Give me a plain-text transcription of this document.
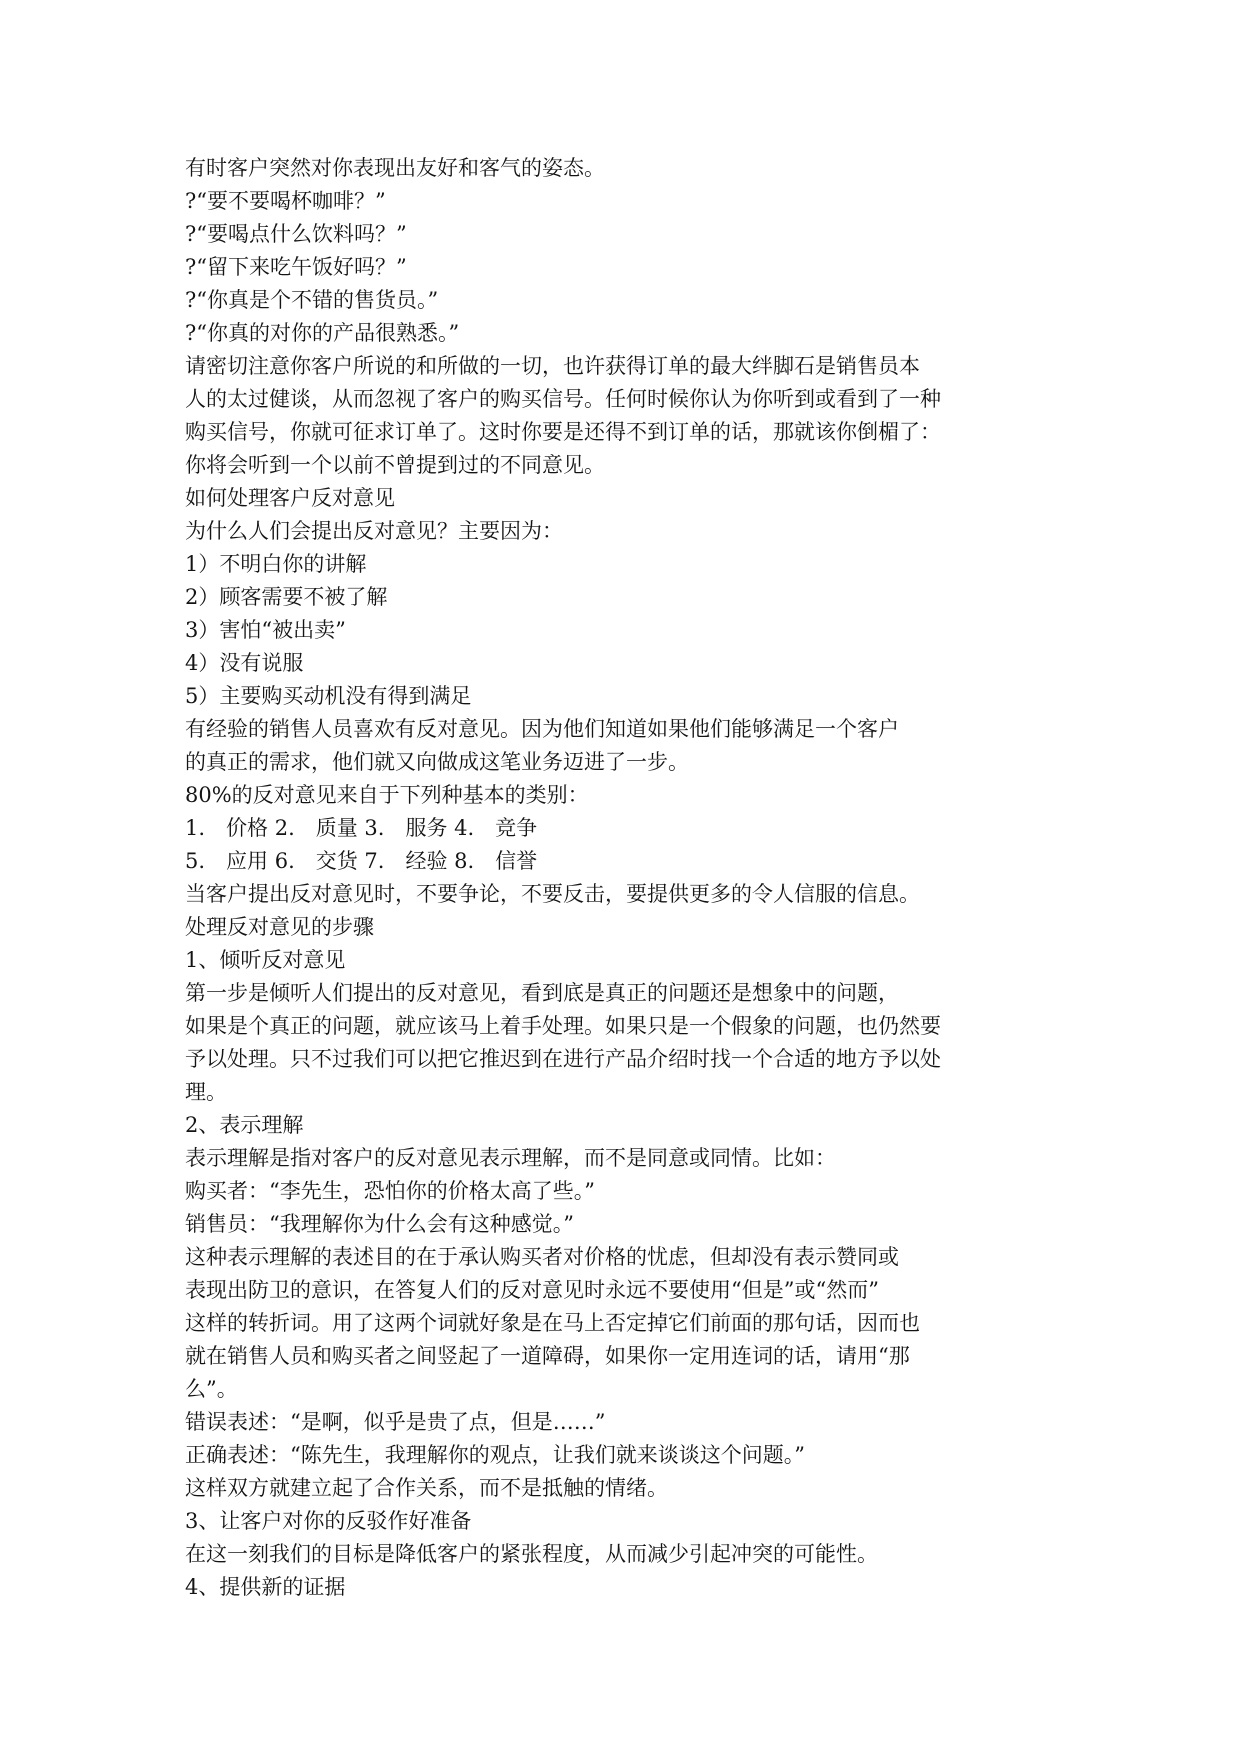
有时客户突然对你表现出友好和客气的姿态。
?“要不要喝杯咖啡？”
?“要喝点什么饮料吗？”
?“留下来吃午饭好吗？”
?“你真是个不错的售货员。”
?“你真的对你的产品很熟悉。”
请密切注意你客户所说的和所做的一切，也许获得订单的最大绊脚石是销售员本
人的太过健谈，从而忽视了客户的购买信号。任何时候你认为你听到或看到了一种
购买信号，你就可征求订单了。这时你要是还得不到订单的话，那就该你倒楣了：
你将会听到一个以前不曾提到过的不同意见。
如何处理客户反对意见
为什么人们会提出反对意见？主要因为：
1）不明白你的讲解
2）顾客需要不被了解
3）害怕“被出卖”
4）没有说服
5）主要购买动机没有得到满足
有经验的销售人员喜欢有反对意见。因为他们知道如果他们能够满足一个客户
的真正的需求，他们就又向做成这笔业务迈进了一步。
80%的反对意见来自于下列种基本的类别：
1.　价格 2.　质量 3.　服务 4.　竞争
5.　应用 6.　交货 7.　经验 8.　信誉
当客户提出反对意见时，不要争论，不要反击，要提供更多的令人信服的信息。
处理反对意见的步骤
1、倾听反对意见
第一步是倾听人们提出的反对意见，看到底是真正的问题还是想象中的问题，
如果是个真正的问题，就应该马上着手处理。如果只是一个假象的问题，也仍然要
予以处理。只不过我们可以把它推迟到在进行产品介绍时找一个合适的地方予以处
理。
2、表示理解
表示理解是指对客户的反对意见表示理解，而不是同意或同情。比如：
购买者：“李先生，恐怕你的价格太高了些。”
销售员：“我理解你为什么会有这种感觉。”
这种表示理解的表述目的在于承认购买者对价格的忧虑，但却没有表示赞同或
表现出防卫的意识，在答复人们的反对意见时永远不要使用“但是”或“然而”
这样的转折词。用了这两个词就好象是在马上否定掉它们前面的那句话，因而也
就在销售人员和购买者之间竖起了一道障碍，如果你一定用连词的话，请用“那
么”。
错误表述：“是啊，似乎是贵了点，但是……”
正确表述：“陈先生，我理解你的观点，让我们就来谈谈这个问题。”
这样双方就建立起了合作关系，而不是抵触的情绪。
3、让客户对你的反驳作好准备
在这一刻我们的目标是降低客户的紧张程度，从而减少引起冲突的可能性。
4、提供新的证据
